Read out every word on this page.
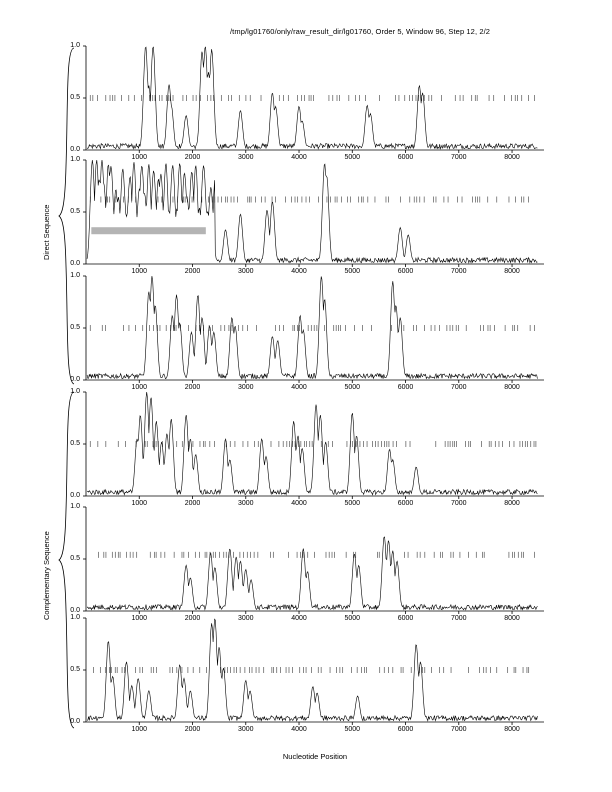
/tmp/lg01760/only/raw_result_dir/lg01760, Order 5, Window 96, Step 12, 2/2
Direct Sequence
Complementary Sequence
Nucleotide Position
0.0
0.5
1.0
1000	2000	3000	4000	5000	6000	7000	8000
0.0
0.5
1.0
1000	2000	3000	4000	5000	6000	7000	8000
0.0
0.5
1.0
1000	2000	3000	4000	5000	6000	7000	8000
0.0
0.5
1.0
1000	2000	3000	4000	5000	6000	7000	8000
0.0
0.5
1.0
1000	2000	3000	4000	5000	6000	7000	8000
0.0
0.5
1.0
1000	2000	3000	4000	5000	6000	7000	8000
